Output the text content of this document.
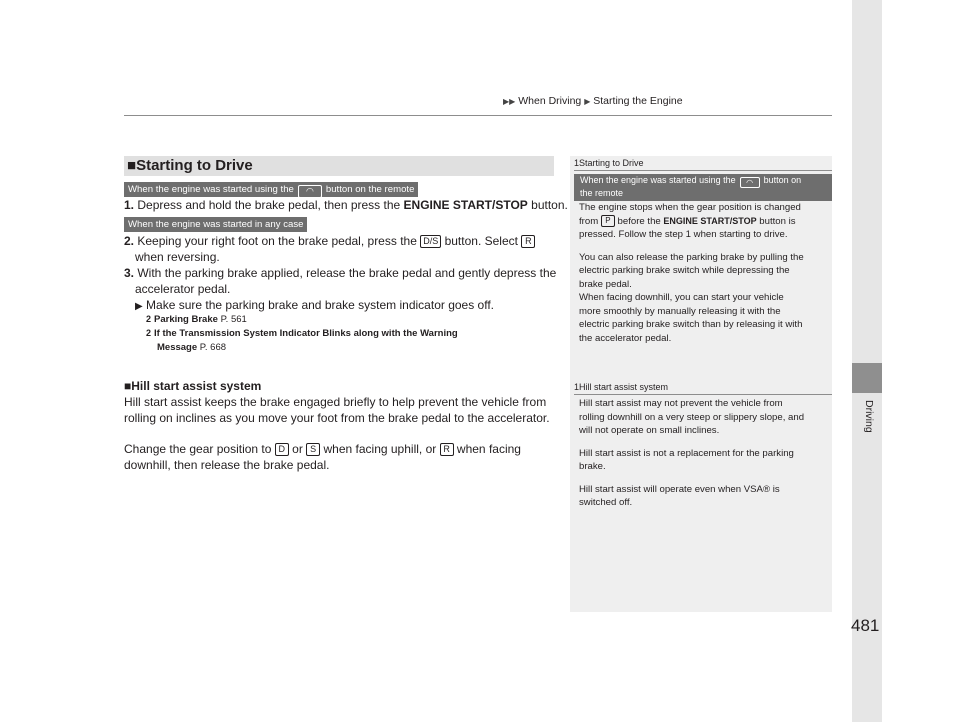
▶▶ When Driving ▶ Starting the Engine
Driving
481
■Starting to Drive
When the engine was started using the ◠ button on the remote
1. Depress and hold the brake pedal, then press the ENGINE START/STOP button.
When the engine was started in any case
2. Keeping your right foot on the brake pedal, press the D/S button. Select R
when reversing.
3. With the parking brake applied, release the brake pedal and gently depress the
accelerator pedal.
▶ Make sure the parking brake and brake system indicator goes off.
2 Parking Brake P. 561
2 If the Transmission System Indicator Blinks along with the Warning
Message P. 668
■Hill start assist system
Hill start assist keeps the brake engaged briefly to help prevent the vehicle from
rolling on inclines as you move your foot from the brake pedal to the accelerator.
Change the gear position to D or S when facing uphill, or R when facing
downhill, then release the brake pedal.
1Starting to Drive
When the engine was started using the ◠ button on
the remote

The engine stops when the gear position is changed
from P before the ENGINE START/STOP button is
pressed. Follow the step 1 when starting to drive.

You can also release the parking brake by pulling the
electric parking brake switch while depressing the
brake pedal.
When facing downhill, you can start your vehicle
more smoothly by manually releasing it with the
electric parking brake switch than by releasing it with
the accelerator pedal.

1Hill start assist system

Hill start assist may not prevent the vehicle from
rolling downhill on a very steep or slippery slope, and
will not operate on small inclines.

Hill start assist is not a replacement for the parking
brake.

Hill start assist will operate even when VSA® is
switched off.
